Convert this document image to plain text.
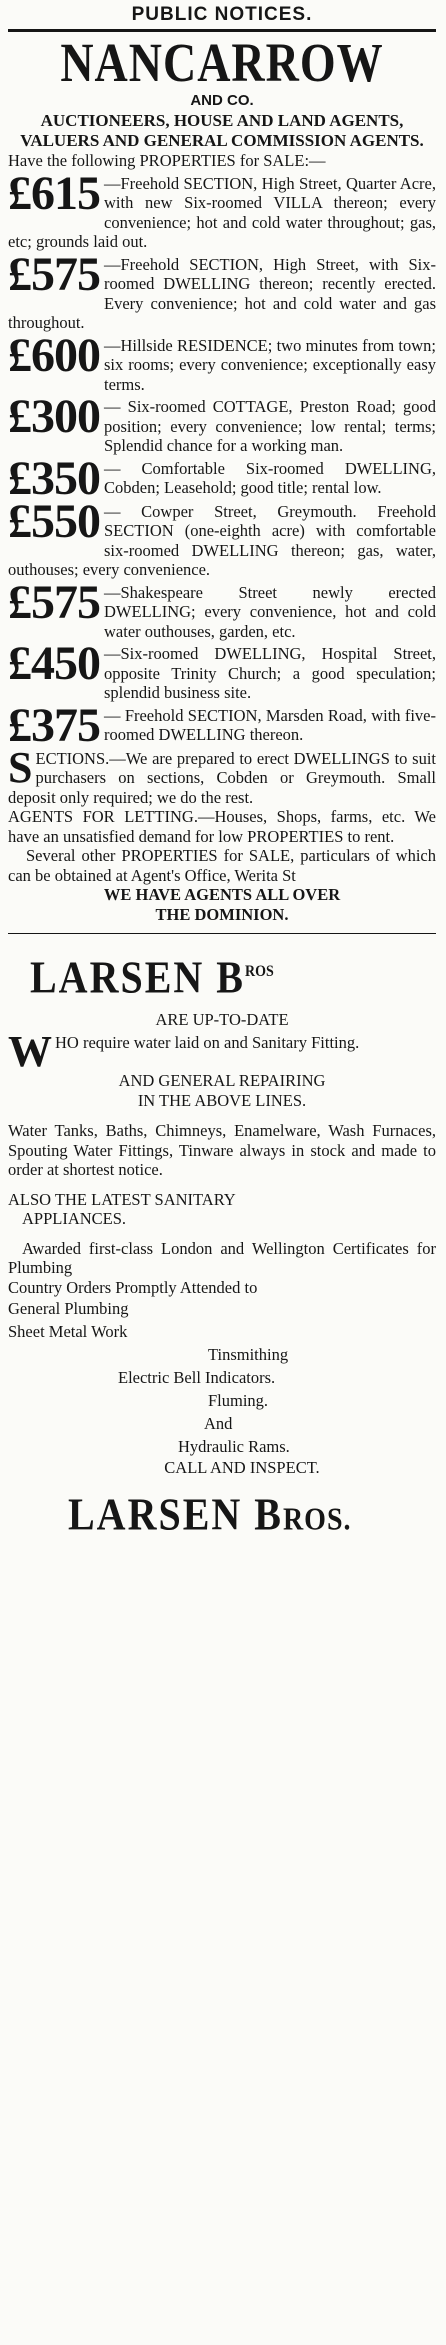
PUBLIC NOTICES.
NANCARROW
AND CO.
AUCTIONEERS, HOUSE AND LAND AGENTS, VALUERS AND GENERAL COMMISSION AGENTS.

Have the following PROPERTIES for SALE:—

£615 —Freehold SECTION, High Street, Quarter Acre, with new Six-roomed VILLA thereon; every convenience; hot and cold water throughout; gas, etc; grounds laid out.
£575 —Freehold SECTION, High Street, with Six-roomed DWELLING thereon; recently erected. Every convenience; hot and cold water and gas throughout.
£600 —Hillside RESIDENCE; two minutes from town; six rooms; every convenience; exceptionally easy terms.
£300 — Six-roomed COTTAGE, Preston Road; good position; every convenience; low rental; terms; Splendid chance for a working man.
£350 — Comfortable Six-roomed DWELLING, Cobden; Leasehold; good title; rental low.
£550 — Cowper Street, Greymouth. Freehold SECTION (one-eighth acre) with comfortable six-roomed DWELLING thereon; gas, water, outhouses; every convenience.
£575 —Shakespeare Street newly erected DWELLING; every convenience, hot and cold water outhouses, garden, etc.
£450 —Six-roomed DWELLING, Hospital Street, opposite Trinity Church; a good speculation; splendid business site.
£375 — Freehold SECTION, Marsden Road, with five-roomed DWELLING thereon.
S ECTIONS.—We are prepared to erect DWELLINGS to suit purchasers on sections, Cobden or Greymouth. Small deposit only required; we do the rest.

AGENTS FOR LETTING.—Houses, Shops, farms, etc. We have an unsatisfied demand for low PROPERTIES to rent.

Several other PROPERTIES for SALE, particulars of which can be obtained at Agent's Office, Werita St

WE HAVE AGENTS ALL OVER
THE DOMINION.
LARSEN $B^{ROS}$
ARE UP-TO-DATE
W HO require water laid on and Sanitary Fitting.
AND GENERAL REPAIRING
IN THE ABOVE LINES.

Water Tanks, Baths, Chimneys, Enamelware, Wash Furnaces, Spouting Water Fittings, Tinware always in stock and made to order at shortest notice.

ALSO THE LATEST SANITARY

APPLIANCES.

Awarded first-class London and Wellington Certificates for Plumbing

Country Orders Promptly Attended to

General Plumbing

Sheet Metal Work

Tinsmithing

Electric Bell Indicators.

Fluming.

And

Hydraulic Rams.

CALL AND INSPECT.
LARSEN BROS.
